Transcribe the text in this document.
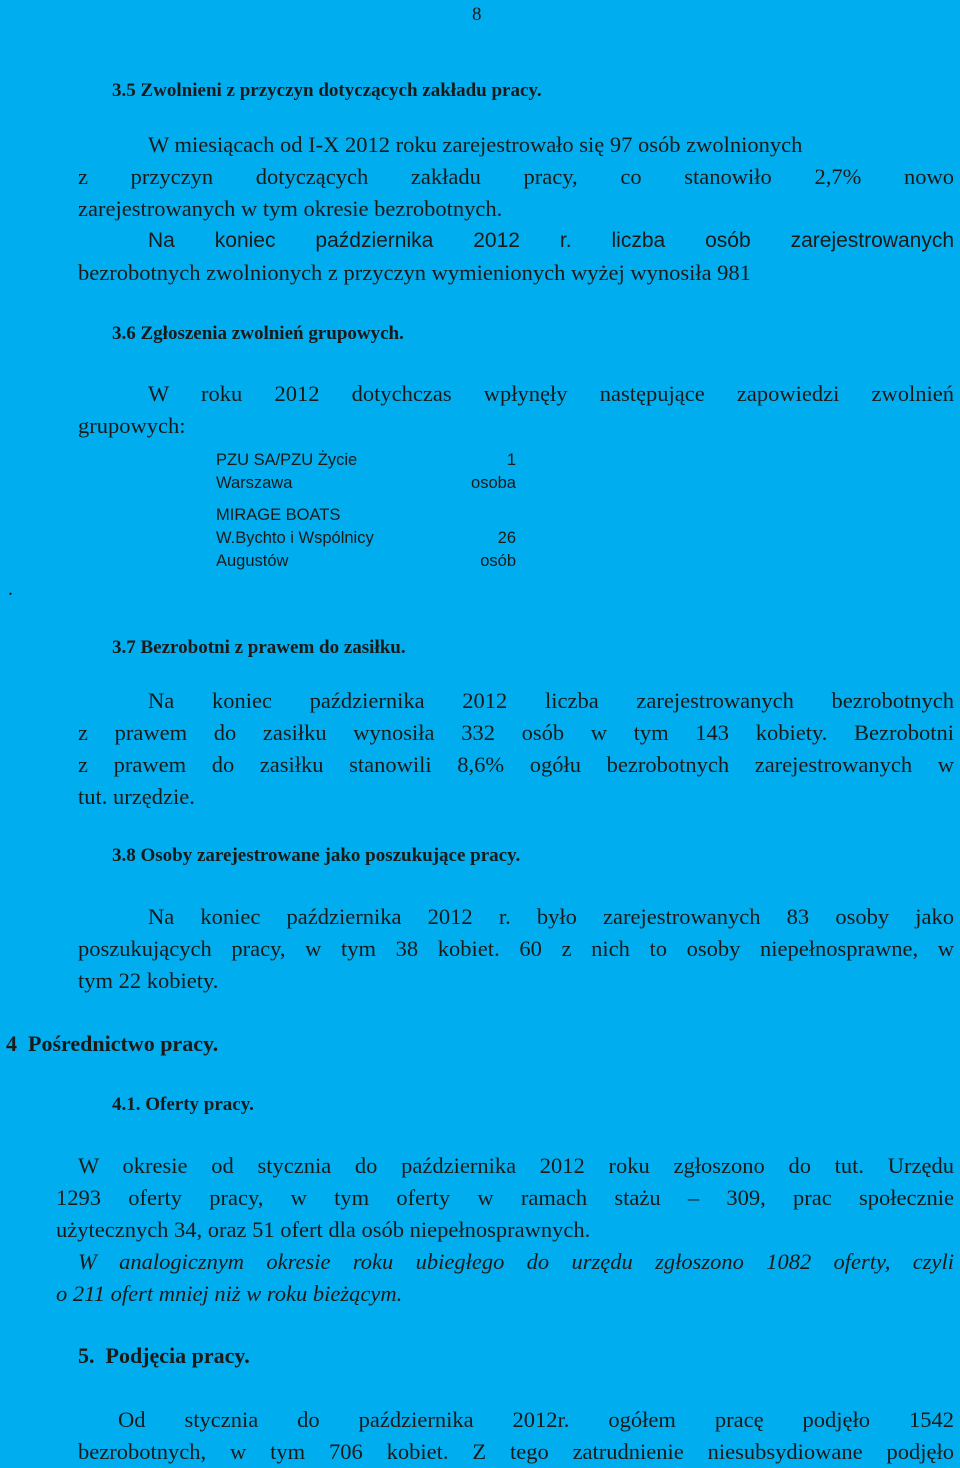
8
3.5 Zwolnieni z przyczyn dotyczących zakładu pracy.
W miesiącach od I-X 2012 roku zarejestrowało się 97 osób zwolnionych
z przyczyn dotyczących zakładu pracy, co stanowiło 2,7% nowo
zarejestrowanych w tym okresie bezrobotnych.
Na koniec października 2012 r. liczba osób zarejestrowanych
bezrobotnych zwolnionych z przyczyn wymienionych wyżej wynosiła 981
3.6 Zgłoszenia zwolnień grupowych.
W roku 2012 dotychczas wpłynęły następujące zapowiedzi zwolnień
grupowych:
PZU SA/PZU Życie	1
Warszawa	osoba
MIRAGE BOATS
W.Bychto i Wspólnicy	26
Augustów	osób
.
3.7 Bezrobotni z prawem do zasiłku.
Na koniec października 2012 liczba zarejestrowanych bezrobotnych
z prawem do zasiłku wynosiła 332 osób w tym 143 kobiety. Bezrobotni
z prawem do zasiłku stanowili 8,6% ogółu bezrobotnych zarejestrowanych w
tut. urzędzie.
3.8 Osoby zarejestrowane jako poszukujące pracy.
Na koniec października 2012 r. było zarejestrowanych 83 osoby jako
poszukujących pracy, w tym 38 kobiet. 60 z nich to osoby niepełnosprawne, w
tym 22 kobiety.
4  Pośrednictwo pracy.
4.1. Oferty pracy.
W okresie od stycznia do października 2012 roku zgłoszono do tut. Urzędu
1293 oferty pracy, w tym oferty w ramach stażu – 309, prac społecznie
użytecznych 34, oraz 51 ofert dla osób niepełnosprawnych.
W analogicznym okresie roku ubiegłego do urzędu zgłoszono 1082 oferty, czyli
o 211 ofert mniej niż w roku bieżącym.
5.  Podjęcia pracy.
Od stycznia do października 2012r. ogółem pracę podjęło 1542
bezrobotnych, w tym 706 kobiet. Z tego zatrudnienie niesubsydiowane podjęło
